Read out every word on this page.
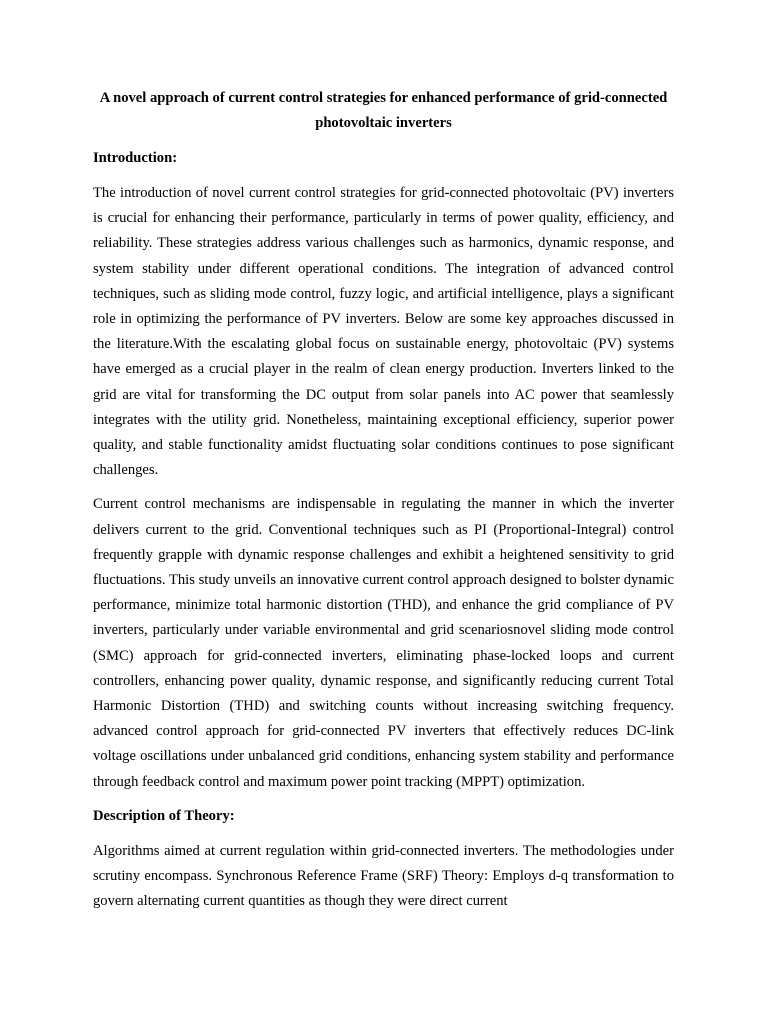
A novel approach of current control strategies for enhanced performance of grid-connected photovoltaic inverters

Introduction:

The introduction of novel current control strategies for grid-connected photovoltaic (PV) inverters is crucial for enhancing their performance, particularly in terms of power quality, efficiency, and reliability. These strategies address various challenges such as harmonics, dynamic response, and system stability under different operational conditions. The integration of advanced control techniques, such as sliding mode control, fuzzy logic, and artificial intelligence, plays a significant role in optimizing the performance of PV inverters. Below are some key approaches discussed in the literature.With the escalating global focus on sustainable energy, photovoltaic (PV) systems have emerged as a crucial player in the realm of clean energy production. Inverters linked to the grid are vital for transforming the DC output from solar panels into AC power that seamlessly integrates with the utility grid. Nonetheless, maintaining exceptional efficiency, superior power quality, and stable functionality amidst fluctuating solar conditions continues to pose significant challenges.

Current control mechanisms are indispensable in regulating the manner in which the inverter delivers current to the grid. Conventional techniques such as PI (Proportional-Integral) control frequently grapple with dynamic response challenges and exhibit a heightened sensitivity to grid fluctuations. This study unveils an innovative current control approach designed to bolster dynamic performance, minimize total harmonic distortion (THD), and enhance the grid compliance of PV inverters, particularly under variable environmental and grid scenariosnovel sliding mode control (SMC) approach for grid-connected inverters, eliminating phase-locked loops and current controllers, enhancing power quality, dynamic response, and significantly reducing current Total Harmonic Distortion (THD) and switching counts without increasing switching frequency. advanced control approach for grid-connected PV inverters that effectively reduces DC-link voltage oscillations under unbalanced grid conditions, enhancing system stability and performance through feedback control and maximum power point tracking (MPPT) optimization.

Description of Theory:

Algorithms aimed at current regulation within grid-connected inverters. The methodologies under scrutiny encompass. Synchronous Reference Frame (SRF) Theory: Employs d-q transformation to govern alternating current quantities as though they were direct current
